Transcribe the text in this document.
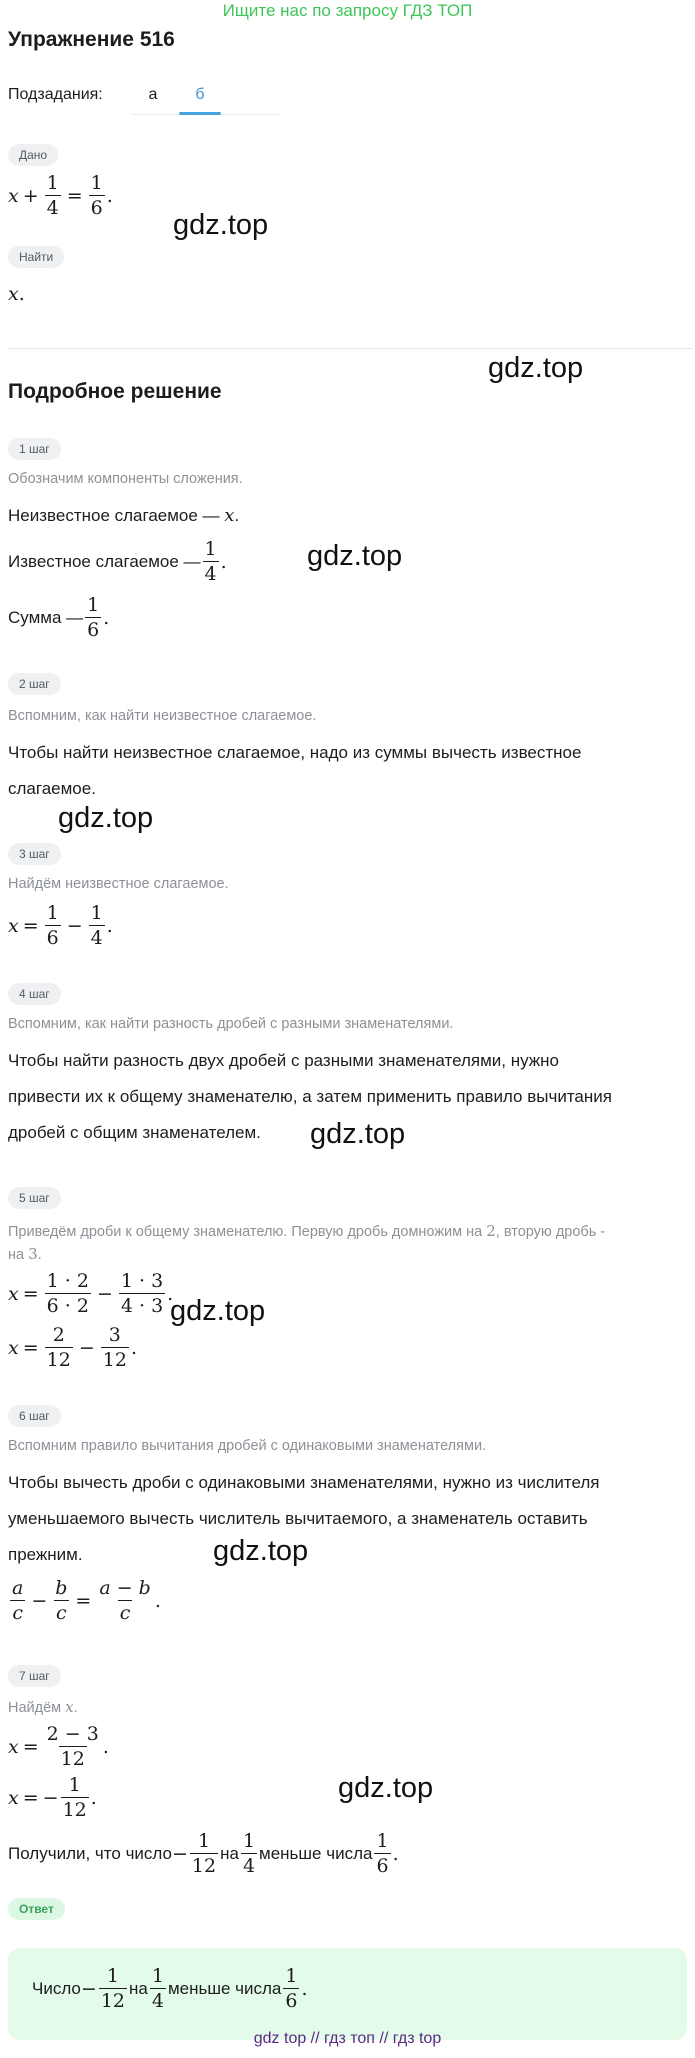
Ищите нас по запросу ГДЗ ТОП
Упражнение 516
Подзадания:	а	б
Дано
$x + \frac{1}{4} = \frac{1}{6}$ .
Найти
x .
gdz.top
gdz.top
gdz.top
gdz.top
gdz.top
gdz.top
gdz.top
gdz.top
Подробное решение
1 шаг
Обозначим компоненты сложения.
Неизвестное слагаемое — x.
Известное слагаемое — $\frac{1}{4}$ .
Сумма — $\frac{1}{6}$ .
2 шаг
Вспомним, как найти неизвестное слагаемое.
Чтобы найти неизвестное слагаемое, надо из суммы вычесть известное
слагаемое.
3 шаг
Найдём неизвестное слагаемое.
$x = \frac{1}{6} - \frac{1}{4}$ .
4 шаг
Вспомним, как найти разность дробей с разными знаменателями.
Чтобы найти разность двух дробей с разными знаменателями, нужно
привести их к общему знаменателю, а затем применить правило вычитания
дробей с общим знаменателем.
5 шаг
Приведём дроби к общему знаменателю. Первую дробь домножим на 2, вторую дробь -
на 3.
$x = \frac{1 \cdot 2}{6 \cdot 2} - \frac{1 \cdot 3}{4 \cdot 3}$ .
$x = \frac{2}{12} - \frac{3}{12}$ .
6 шаг
Вспомним правило вычитания дробей с одинаковыми знаменателями.
Чтобы вычесть дроби с одинаковыми знаменателями, нужно из числителя
уменьшаемого вычесть числитель вычитаемого, а знаменатель оставить
прежним.
$\frac{a}{c} - \frac{b}{c} = \frac{a - b}{c}$ .
7 шаг
Найдём x.
$x = \frac{2 - 3}{12}$ .
x = − $\frac{1}{12}$ .
Получили, что число − $\frac{1}{12}$ на $\frac{1}{4}$ меньше числа $\frac{1}{6}$ .
Ответ
Число − $\frac{1}{12}$ на $\frac{1}{4}$ меньше числа $\frac{1}{6}$ .
gdz top // гдз топ // гдз top
